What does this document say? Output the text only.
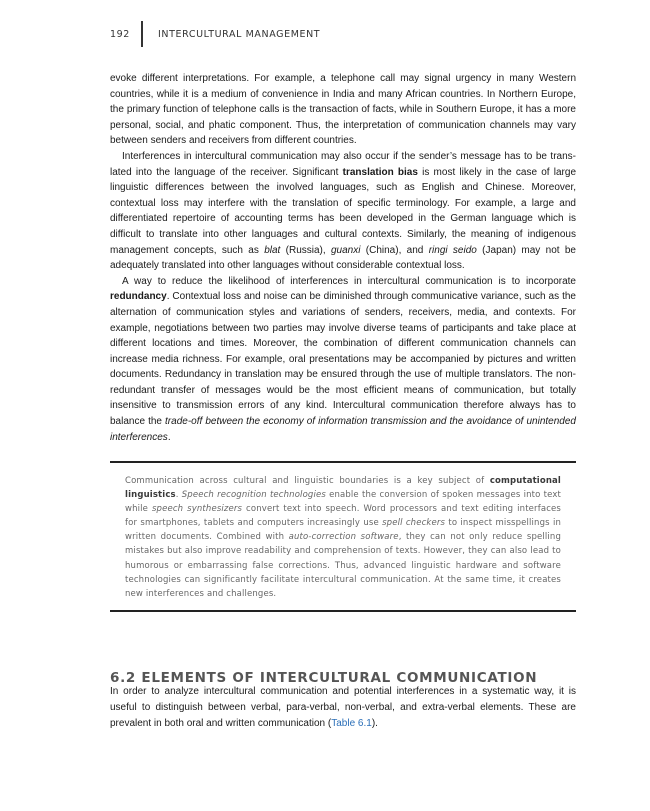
192	INTERCULTURAL MANAGEMENT

evoke different interpretations. For example, a telephone call may signal urgency in many Western countries, while it is a medium of convenience in India and many African countries. In Northern Europe, the primary function of telephone calls is the transaction of facts, while in Southern Europe, it has a more personal, social, and phatic component. Thus, the interpretation of communication channels may vary between senders and receivers from different countries.

Interferences in intercultural communication may also occur if the sender’s message has to be translated into the language of the receiver. Significant translation bias is most likely in the case of large linguistic differences between the involved languages, such as English and Chinese. Moreover, contextual loss may interfere with the translation of specific terminology. For example, a large and differentiated repertoire of accounting terms has been developed in the German language which is difficult to translate into other languages and cultural contexts. Similarly, the meaning of indigenous management concepts, such as blat (Russia), guanxi (China), and ringi seido (Japan) may not be adequately translated into other languages without considerable contextual loss.

A way to reduce the likelihood of interferences in intercultural communication is to incorporate redundancy. Contextual loss and noise can be diminished through communicative variance, such as the alternation of communication styles and variations of senders, receivers, media, and contexts. For example, negotiations between two parties may involve diverse teams of participants and take place at different locations and times. Moreover, the combination of different communication channels can increase media richness. For example, oral presentations may be accompanied by pictures and written documents. Redundancy in translation may be ensured through the use of multiple translators. The non-redundant transfer of messages would be the most efficient means of communication, but totally insensitive to transmission errors of any kind. Intercultural communication therefore always has to balance the trade-off between the economy of information transmission and the avoidance of unintended interferences.

Communication across cultural and linguistic boundaries is a key subject of computational linguistics. Speech recognition technologies enable the conversion of spoken messages into text while speech synthesizers convert text into speech. Word processors and text editing interfaces for smartphones, tablets and computers increasingly use spell checkers to inspect misspellings in written documents. Combined with auto-correction software, they can not only reduce spelling mistakes but also improve readability and comprehension of texts. However, they can also lead to humorous or embarrassing false corrections. Thus, advanced linguistic hardware and software technologies can significantly facilitate intercultural communication. At the same time, it creates new interferences and challenges.

6.2 ELEMENTS OF INTERCULTURAL COMMUNICATION

In order to analyze intercultural communication and potential interferences in a systematic way, it is useful to distinguish between verbal, para-verbal, non-verbal, and extra-verbal elements. These are prevalent in both oral and written communication (Table 6.1).
